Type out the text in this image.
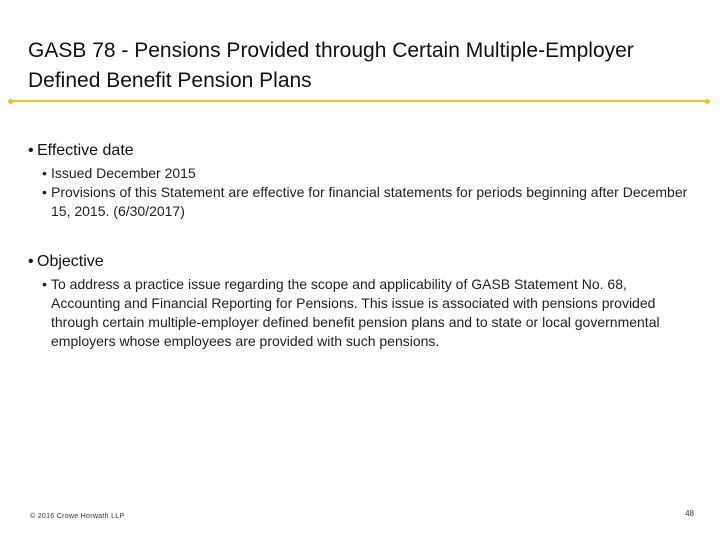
GASB 78 - Pensions Provided through Certain Multiple-Employer Defined Benefit Pension Plans
• Effective date
• Issued December 2015
• Provisions of this Statement are effective for financial statements for periods beginning after December 15, 2015. (6/30/2017)
• Objective
• To address a practice issue regarding the scope and applicability of GASB Statement No. 68, Accounting and Financial Reporting for Pensions. This issue is associated with pensions provided through certain multiple-employer defined benefit pension plans and to state or local governmental employers whose employees are provided with such pensions.
© 2016 Crowe Horwath LLP	48
